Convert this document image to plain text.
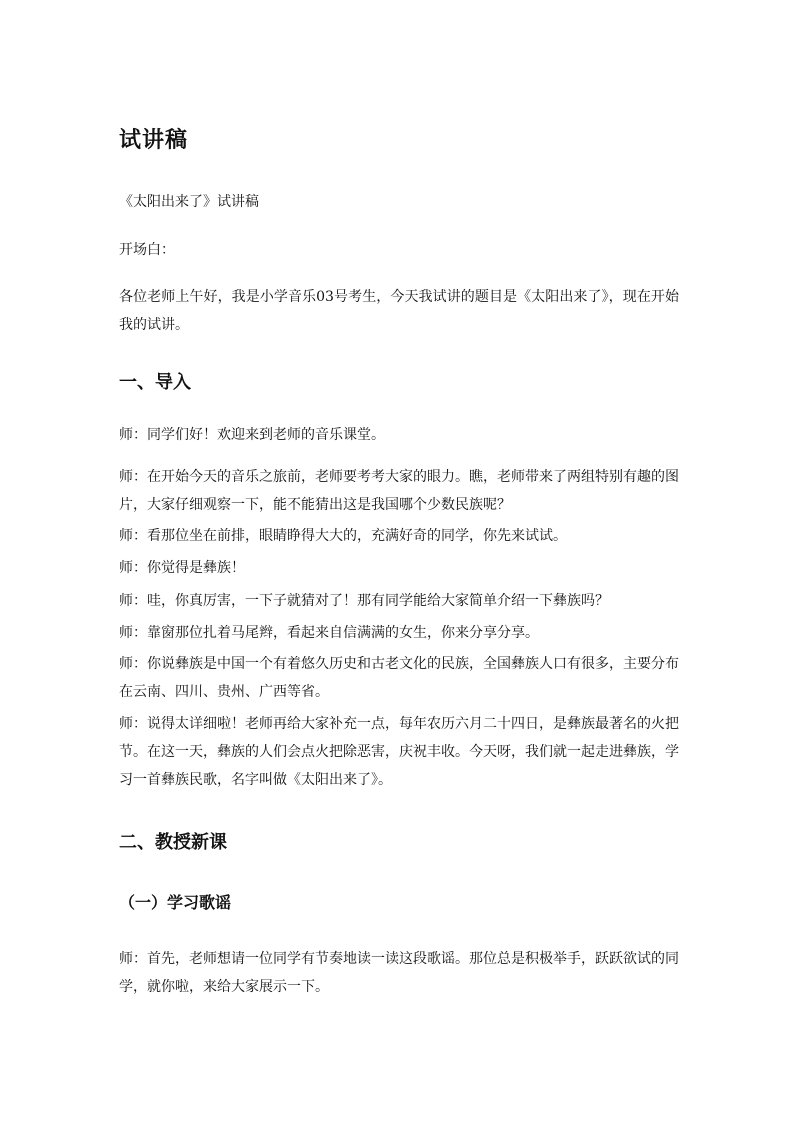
试讲稿

《太阳出来了》试讲稿

开场白：

各位老师上午好，我是小学音乐03号考生，今天我试讲的题目是《太阳出来了》，现在开始我的试讲。

一、导入

师：同学们好！欢迎来到老师的音乐课堂。

师：在开始今天的音乐之旅前，老师要考考大家的眼力。瞧，老师带来了两组特别有趣的图片，大家仔细观察一下，能不能猜出这是我国哪个少数民族呢？

师：看那位坐在前排，眼睛睁得大大的，充满好奇的同学，你先来试试。

师：你觉得是彝族！

师：哇，你真厉害，一下子就猜对了！那有同学能给大家简单介绍一下彝族吗？

师：靠窗那位扎着马尾辫，看起来自信满满的女生，你来分享分享。

师：你说彝族是中国一个有着悠久历史和古老文化的民族，全国彝族人口有很多，主要分布在云南、四川、贵州、广西等省。

师：说得太详细啦！老师再给大家补充一点，每年农历六月二十四日，是彝族最著名的火把节。在这一天，彝族的人们会点火把除恶害，庆祝丰收。今天呀，我们就一起走进彝族，学习一首彝族民歌，名字叫做《太阳出来了》。

二、教授新课
（一）学习歌谣

师：首先，老师想请一位同学有节奏地读一读这段歌谣。那位总是积极举手，跃跃欲试的同学，就你啦，来给大家展示一下。
